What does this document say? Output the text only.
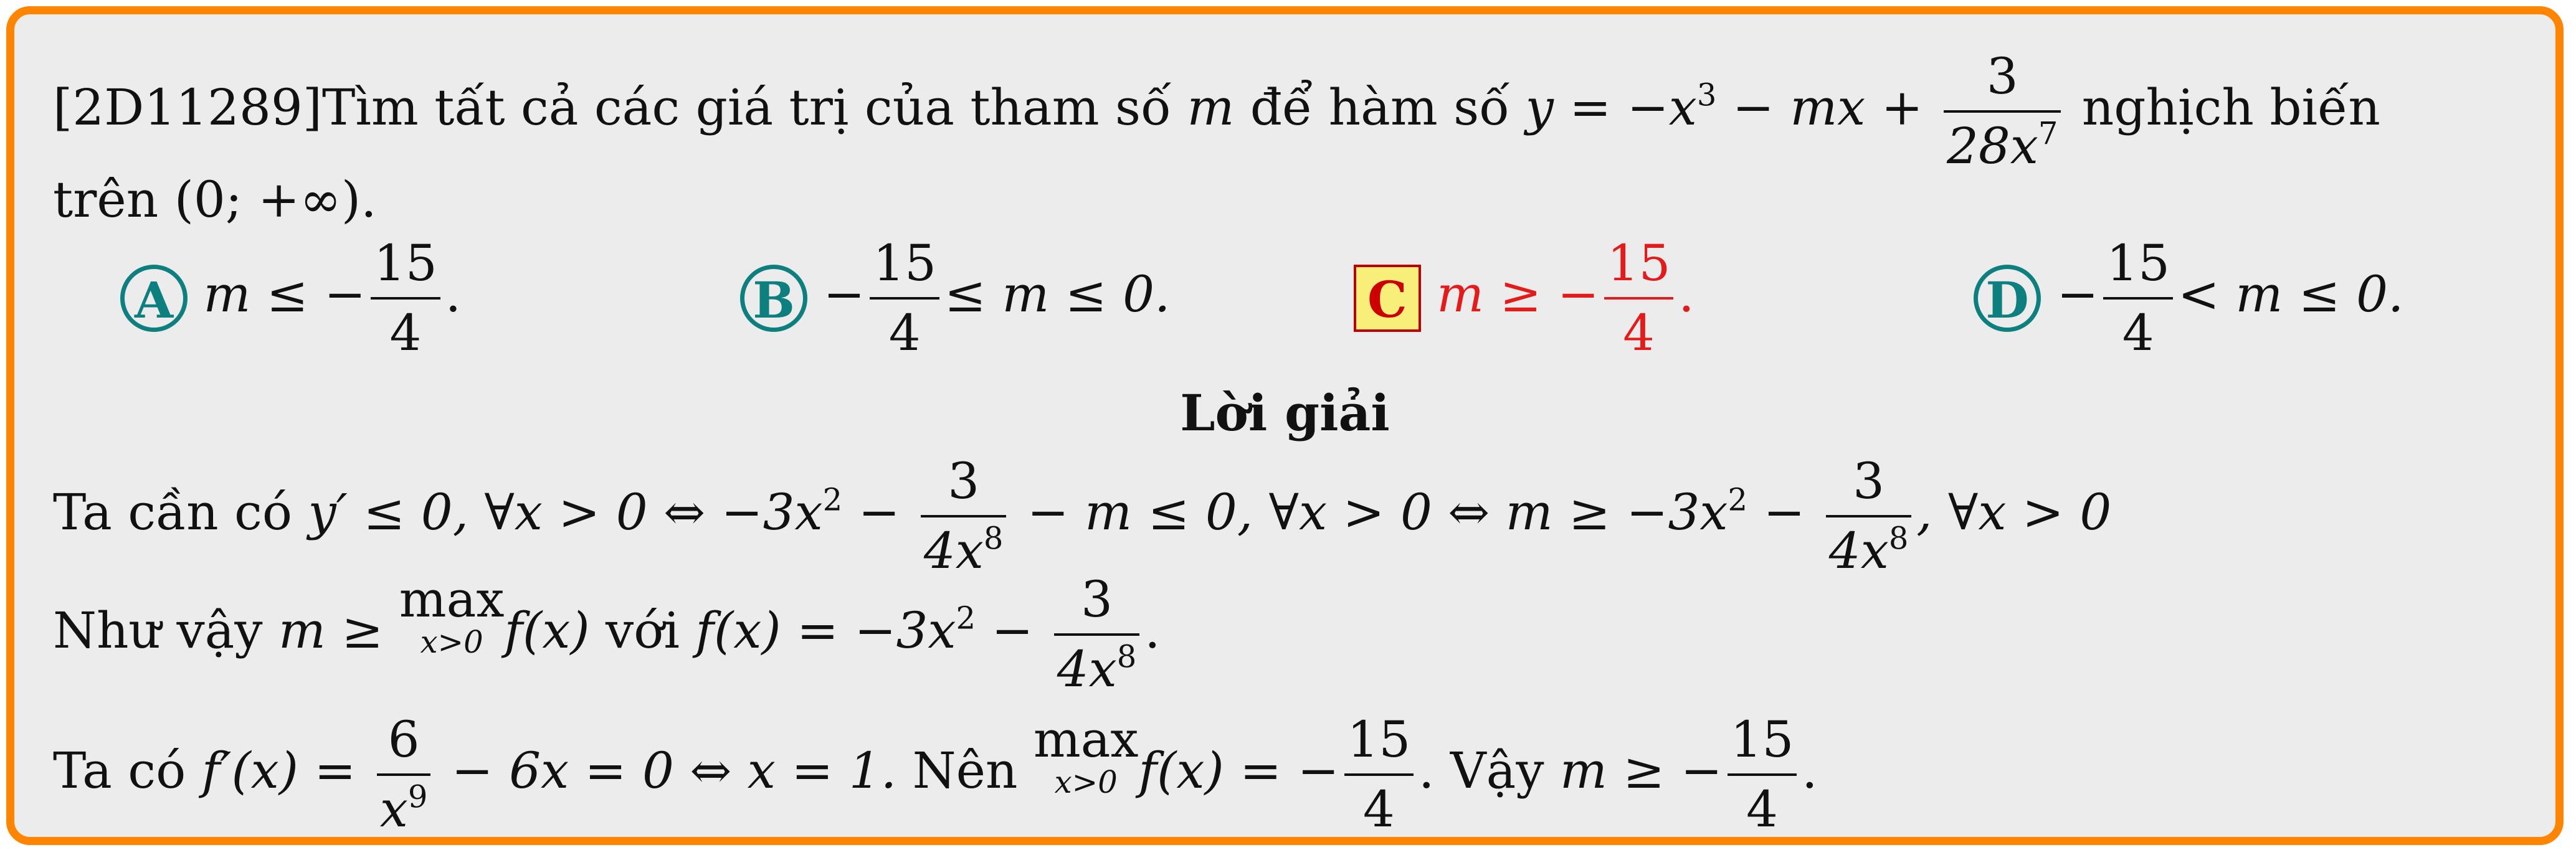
[2D11289]Tìm tất cả các giá trị của tham số m để hàm số $y = -x^3$ − mx + $\frac{3}{28x^7}$ nghịch biến
trên (0; +∞).
A m ≤ − $\frac{15}{4}$ .	$B - \frac{15}{4} \le m \le 0$.	C m ≥ − $\frac{15}{4}$ .	$D - \frac{15}{4} < m \le 0$.
Lời giải
Ta cần có y′ ≤ 0, ∀x > 0 ⇔ $-3x^2 - \frac{3}{4x^8} - m \le 0$, ∀x > 0 ⇔ $m \ge -3x^2 - \frac{3}{4x^8}$ , ∀x > 0
Như vậy m ≥ max
x>0 f(x) với $f(x) = -3x^2 - \frac{3}{4x^8}$ .
Ta có $f'(x) = \frac{6}{x^9} - 6x = 0$ ⇔ x = 1. Nên max
x>0 f(x) = − $\frac{15}{4}$ . Vậy m ≥ − $\frac{15}{4}$ .
